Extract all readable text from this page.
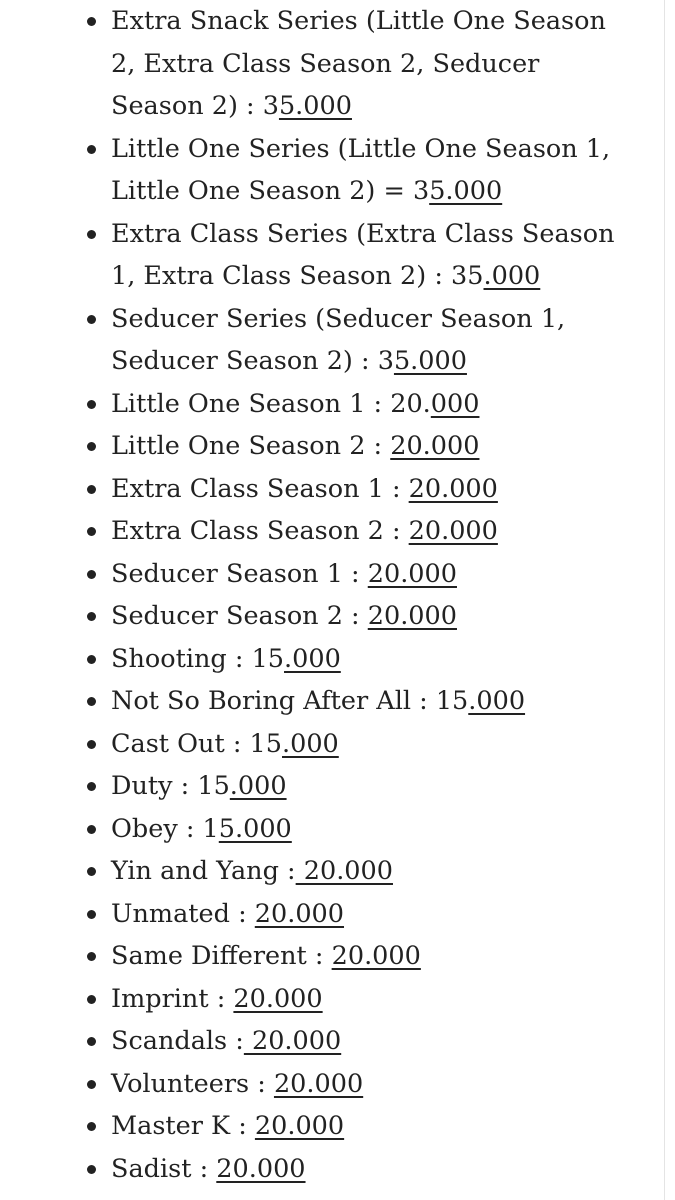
Extra Snack Series (Little One Season 2, Extra Class Season 2, Seducer Season 2) : 35.000
Little One Series (Little One Season 1, Little One Season 2) = 35.000
Extra Class Series (Extra Class Season 1, Extra Class Season 2) : 35.000
Seducer Series (Seducer Season 1, Seducer Season 2) : 35.000
Little One Season 1 : 20.000
Little One Season 2 : 20.000
Extra Class Season 1 : 20.000
Extra Class Season 2 : 20.000
Seducer Season 1 : 20.000
Seducer Season 2 : 20.000
Shooting : 15.000
Not So Boring After All : 15.000
Cast Out : 15.000
Duty : 15.000
Obey : 15.000
Yin and Yang : 20.000
Unmated : 20.000
Same Different : 20.000
Imprint : 20.000
Scandals : 20.000
Volunteers : 20.000
Master K : 20.000
Sadist : 20.000
